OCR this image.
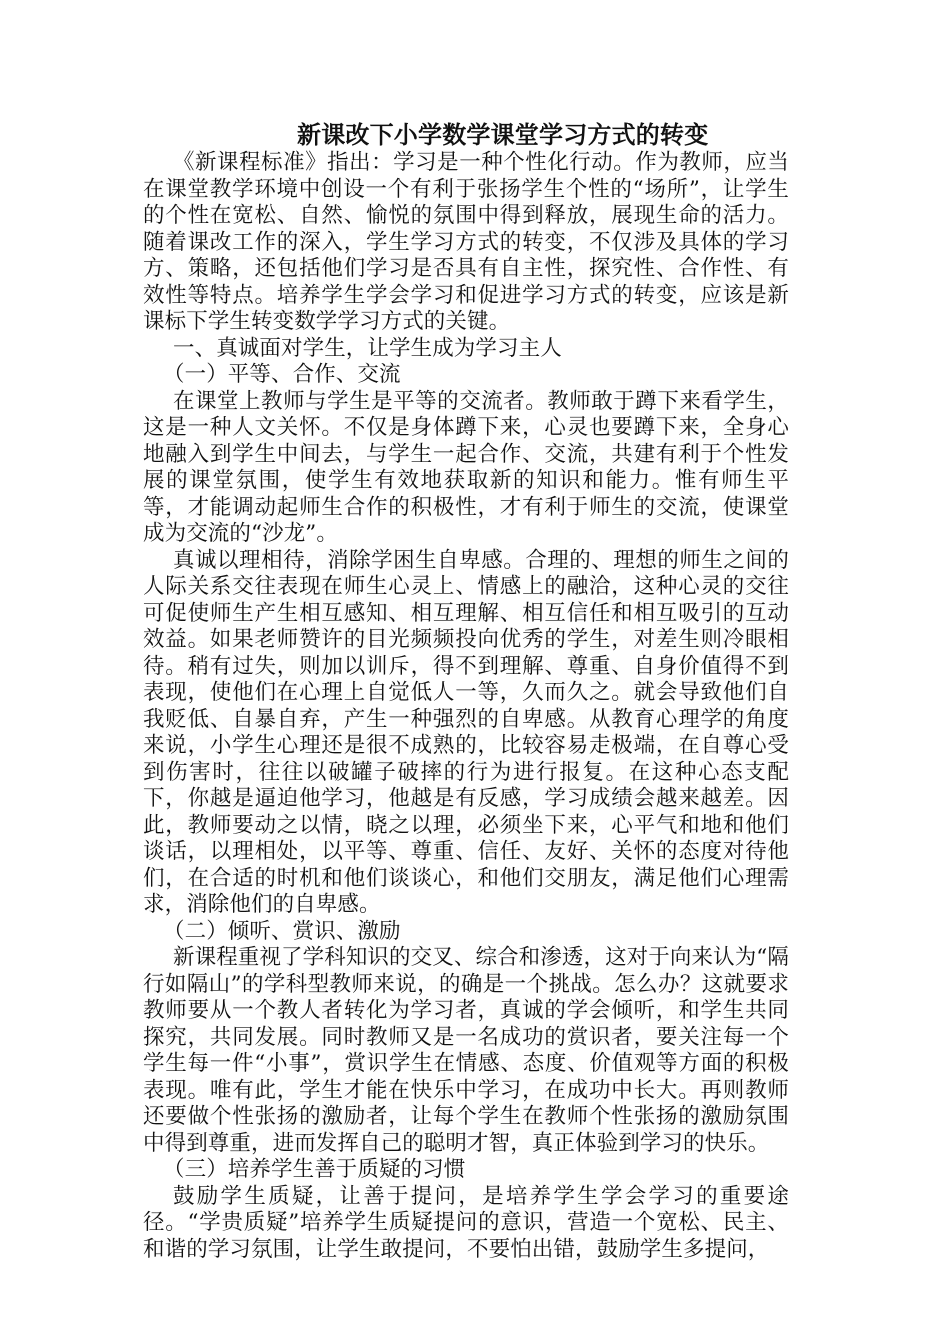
新课改下小学数学课堂学习方式的转变

《新课程标准》指出：学习是一种个性化行动。作为教师，应当在课堂教学环境中创设一个有利于张扬学生个性的“场所”，让学生的个性在宽松、自然、愉悦的氛围中得到释放，展现生命的活力。随着课改工作的深入，学生学习方式的转变，不仅涉及具体的学习方、策略，还包括他们学习是否具有自主性，探究性、合作性、有效性等特点。培养学生学会学习和促进学习方式的转变，应该是新课标下学生转变数学学习方式的关键。

一、真诚面对学生，让学生成为学习主人

（一）平等、合作、交流

在课堂上教师与学生是平等的交流者。教师敢于蹲下来看学生，这是一种人文关怀。不仅是身体蹲下来，心灵也要蹲下来，全身心地融入到学生中间去，与学生一起合作、交流，共建有利于个性发展的课堂氛围，使学生有效地获取新的知识和能力。惟有师生平等，才能调动起师生合作的积极性，才有利于师生的交流，使课堂成为交流的“沙龙”。

真诚以理相待，消除学困生自卑感。合理的、理想的师生之间的人际关系交往表现在师生心灵上、情感上的融洽，这种心灵的交往可促使师生产生相互感知、相互理解、相互信任和相互吸引的互动效益。如果老师赞许的目光频频投向优秀的学生，对差生则冷眼相待。稍有过失，则加以训斥，得不到理解、尊重、自身价值得不到表现，使他们在心理上自觉低人一等，久而久之。就会导致他们自我贬低、自暴自弃，产生一种强烈的自卑感。从教育心理学的角度来说，小学生心理还是很不成熟的，比较容易走极端，在自尊心受到伤害时，往往以破罐子破摔的行为进行报复。在这种心态支配下，你越是逼迫他学习，他越是有反感，学习成绩会越来越差。因此，教师要动之以情，晓之以理，必须坐下来，心平气和地和他们谈话，以理相处，以平等、尊重、信任、友好、关怀的态度对待他们，在合适的时机和他们谈谈心，和他们交朋友，满足他们心理需求，消除他们的自卑感。

（二）倾听、赏识、激励

新课程重视了学科知识的交叉、综合和渗透，这对于向来认为“隔行如隔山”的学科型教师来说，的确是一个挑战。怎么办？这就要求教师要从一个教人者转化为学习者，真诚的学会倾听，和学生共同探究，共同发展。同时教师又是一名成功的赏识者，要关注每一个学生每一件“小事”，赏识学生在情感、态度、价值观等方面的积极表现。唯有此，学生才能在快乐中学习，在成功中长大。再则教师还要做个性张扬的激励者，让每个学生在教师个性张扬的激励氛围中得到尊重，进而发挥自己的聪明才智，真正体验到学习的快乐。

（三）培养学生善于质疑的习惯

鼓励学生质疑，让善于提问，是培养学生学会学习的重要途径。“学贵质疑”培养学生质疑提问的意识，营造一个宽松、民主、和谐的学习氛围，让学生敢提问，不要怕出错，鼓励学生多提问，
